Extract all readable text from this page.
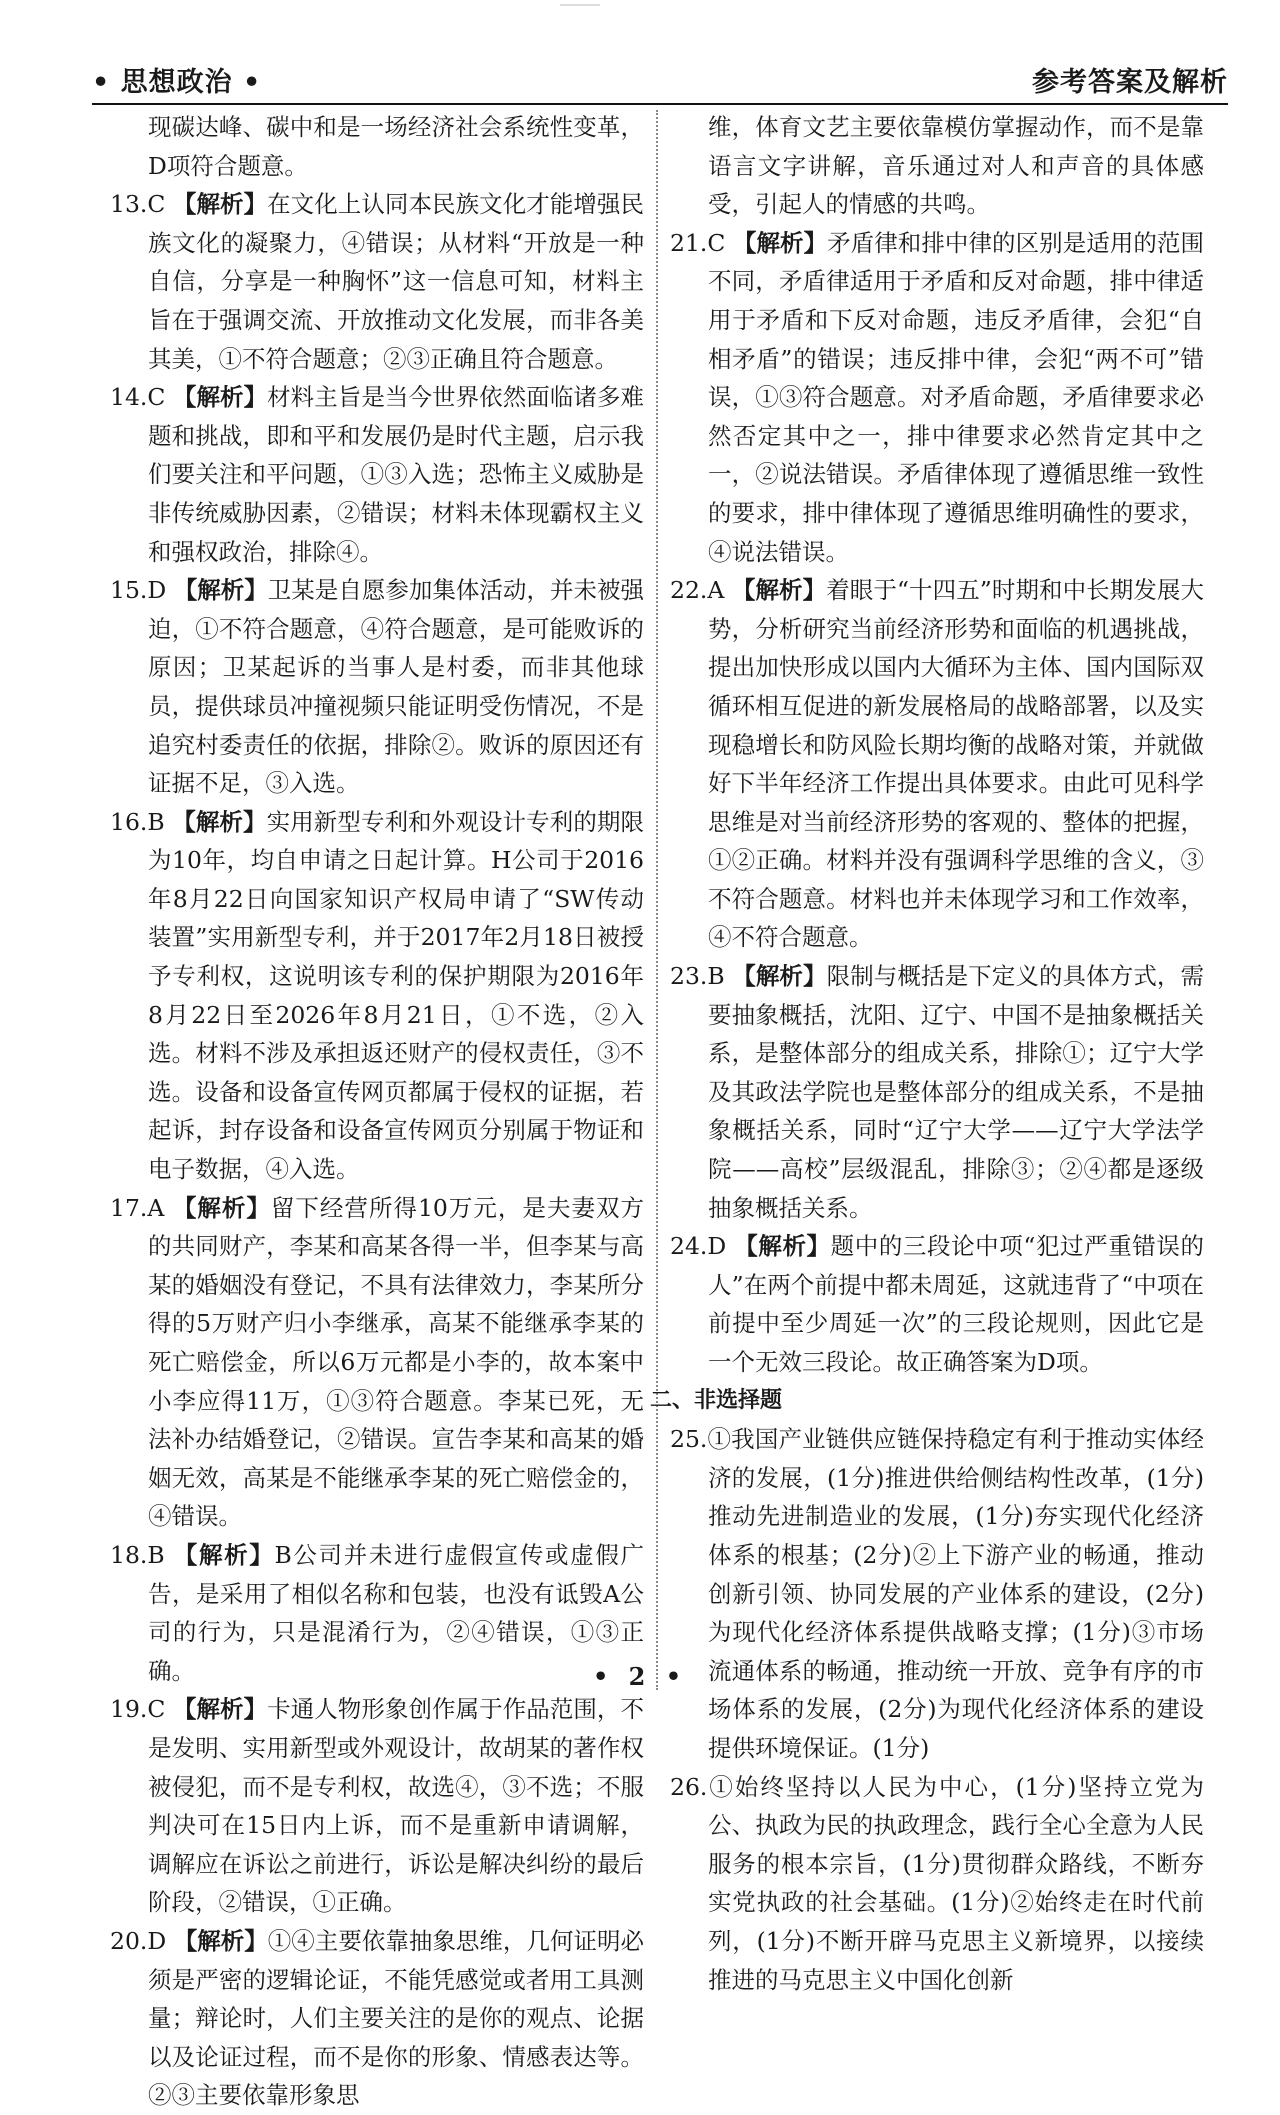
• 思想政治 •	参考答案及解析

现碳达峰、碳中和是一场经济社会系统性变革，D项符合题意。

13.C 【解析】在文化上认同本民族文化才能增强民族文化的凝聚力，④错误；从材料“开放是一种自信，分享是一种胸怀”这一信息可知，材料主旨在于强调交流、开放推动文化发展，而非各美其美，①不符合题意；②③正确且符合题意。

14.C 【解析】材料主旨是当今世界依然面临诸多难题和挑战，即和平和发展仍是时代主题，启示我们要关注和平问题，①③入选；恐怖主义威胁是非传统威胁因素，②错误；材料未体现霸权主义和强权政治，排除④。

15.D 【解析】卫某是自愿参加集体活动，并未被强迫，①不符合题意，④符合题意，是可能败诉的原因；卫某起诉的当事人是村委，而非其他球员，提供球员冲撞视频只能证明受伤情况，不是追究村委责任的依据，排除②。败诉的原因还有证据不足，③入选。

16.B 【解析】实用新型专利和外观设计专利的期限为10年，均自申请之日起计算。H公司于2016年8月22日向国家知识产权局申请了“SW传动装置”实用新型专利，并于2017年2月18日被授予专利权，这说明该专利的保护期限为2016年8月22日至2026年8月21日，①不选，②入选。材料不涉及承担返还财产的侵权责任，③不选。设备和设备宣传网页都属于侵权的证据，若起诉，封存设备和设备宣传网页分别属于物证和电子数据，④入选。

17.A 【解析】留下经营所得10万元，是夫妻双方的共同财产，李某和高某各得一半，但李某与高某的婚姻没有登记，不具有法律效力，李某所分得的5万财产归小李继承，高某不能继承李某的死亡赔偿金，所以6万元都是小李的，故本案中小李应得11万，①③符合题意。李某已死，无法补办结婚登记，②错误。宣告李某和高某的婚姻无效，高某是不能继承李某的死亡赔偿金的，④错误。

18.B 【解析】B公司并未进行虚假宣传或虚假广告，是采用了相似名称和包装，也没有诋毁A公司的行为，只是混淆行为，②④错误，①③正确。

19.C 【解析】卡通人物形象创作属于作品范围，不是发明、实用新型或外观设计，故胡某的著作权被侵犯，而不是专利权，故选④，③不选；不服判决可在15日内上诉，而不是重新申请调解，调解应在诉讼之前进行，诉讼是解决纠纷的最后阶段，②错误，①正确。

20.D 【解析】①④主要依靠抽象思维，几何证明必须是严密的逻辑论证，不能凭感觉或者用工具测量；辩论时，人们主要关注的是你的观点、论据以及论证过程，而不是你的形象、情感表达等。②③主要依靠形象思

维，体育文艺主要依靠模仿掌握动作，而不是靠语言文字讲解，音乐通过对人和声音的具体感受，引起人的情感的共鸣。

21.C 【解析】矛盾律和排中律的区别是适用的范围不同，矛盾律适用于矛盾和反对命题，排中律适用于矛盾和下反对命题，违反矛盾律，会犯“自相矛盾”的错误；违反排中律，会犯“两不可”错误，①③符合题意。对矛盾命题，矛盾律要求必然否定其中之一，排中律要求必然肯定其中之一，②说法错误。矛盾律体现了遵循思维一致性的要求，排中律体现了遵循思维明确性的要求，④说法错误。

22.A 【解析】着眼于“十四五”时期和中长期发展大势，分析研究当前经济形势和面临的机遇挑战，提出加快形成以国内大循环为主体、国内国际双循环相互促进的新发展格局的战略部署，以及实现稳增长和防风险长期均衡的战略对策，并就做好下半年经济工作提出具体要求。由此可见科学思维是对当前经济形势的客观的、整体的把握，①②正确。材料并没有强调科学思维的含义，③不符合题意。材料也并未体现学习和工作效率，④不符合题意。

23.B 【解析】限制与概括是下定义的具体方式，需要抽象概括，沈阳、辽宁、中国不是抽象概括关系，是整体部分的组成关系，排除①；辽宁大学及其政法学院也是整体部分的组成关系，不是抽象概括关系，同时“辽宁大学——辽宁大学法学院——高校”层级混乱，排除③；②④都是逐级抽象概括关系。

24.D 【解析】题中的三段论中项“犯过严重错误的人”在两个前提中都未周延，这就违背了“中项在前提中至少周延一次”的三段论规则，因此它是一个无效三段论。故正确答案为D项。

二、非选择题

25.①我国产业链供应链保持稳定有利于推动实体经济的发展，(1分)推进供给侧结构性改革，(1分)推动先进制造业的发展，(1分)夯实现代化经济体系的根基；(2分)②上下游产业的畅通，推动创新引领、协同发展的产业体系的建设，(2分)为现代化经济体系提供战略支撑；(1分)③市场流通体系的畅通，推动统一开放、竞争有序的市场体系的发展，(2分)为现代化经济体系的建设提供环境保证。(1分)

26.①始终坚持以人民为中心，(1分)坚持立党为公、执政为民的执政理念，践行全心全意为人民服务的根本宗旨，(1分)贯彻群众路线，不断夯实党执政的社会基础。(1分)②始终走在时代前列，(1分)不断开辟马克思主义新境界，以接续推进的马克思主义中国化创新

• 2 •
